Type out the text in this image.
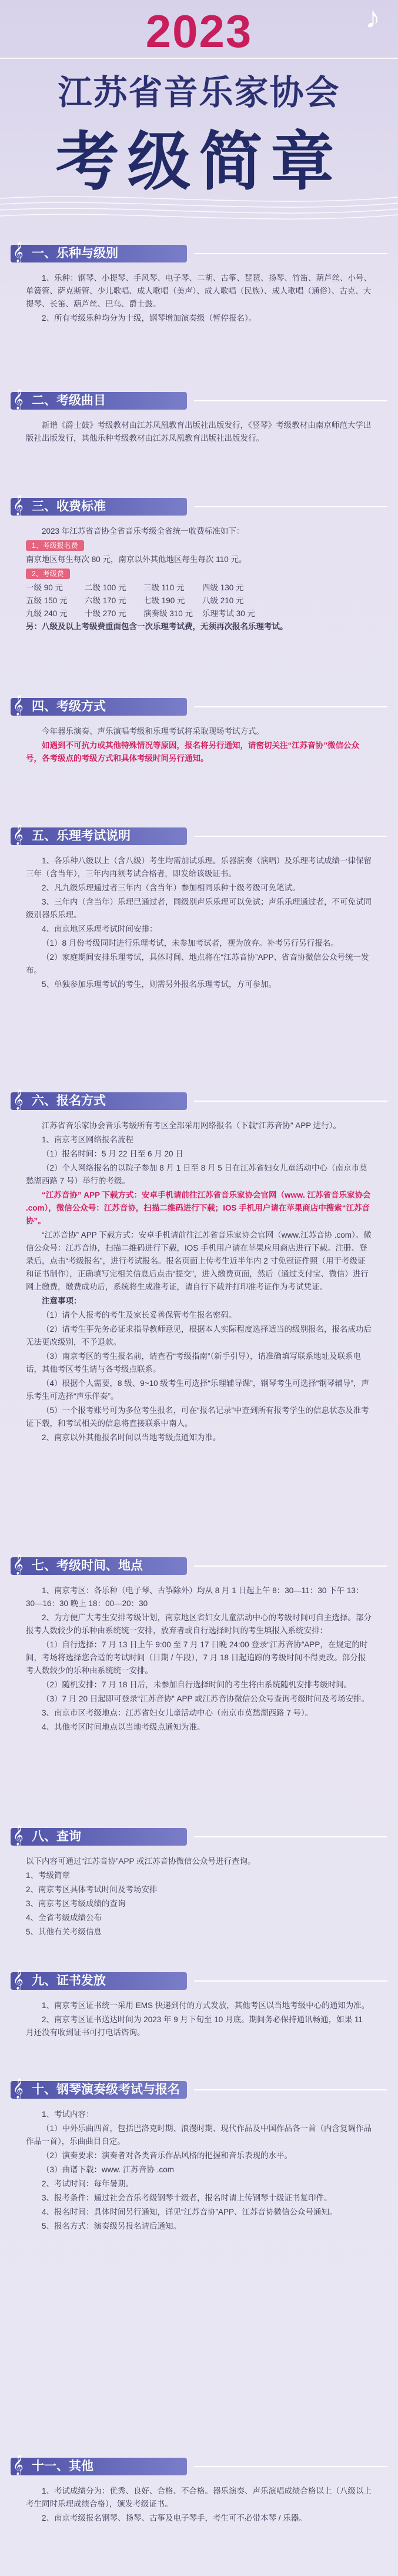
♪
2023
江苏省音乐家协会
考级简章
𝄞 一、乐种与级别

1、乐种：钢琴、小提琴、手风琴、电子琴、二胡、古筝、琵琶、扬琴、竹笛、葫芦丝、小号、单簧管、萨克斯管、少儿歌唱、成人歌唱（美声）、成人歌唱（民族）、成人歌唱（通俗）、古克、大提琴、长笛、葫芦丝、巴乌、爵士鼓。

2、所有考级乐种均分为十级，钢琴增加演奏级（暂停报名）。

𝄞 二、考级曲目

新谱《爵士鼓》考级教材由江苏凤凰教育出版社出版发行，《竖琴》考级教材由南京师范大学出版社出版发行，其他乐种考级教材由江苏凤凰教育出版社出版发行。

𝄞 三、收费标准

2023 年江苏省音协全省音乐考级全省统一收费标准如下：

1、考级报名费

南京地区每生每次 80 元，南京以外其他地区每生每次 110 元。

2、考级费

一级 90 元	二级 100 元	三级 110 元	四级 130 元
五级 150 元	六级 170 元	七级 190 元	八级 210 元
九级 240 元	十级 270 元	演奏级 310 元	乐理考试 30 元

另：八级及以上考级费重面包含一次乐理考试费，无须再次报名乐理考试。

𝄞 四、考级方式

今年器乐演奏、声乐演唱考级和乐理考试将采取现场考试方式。

如遇到不可抗力或其他特殊情况等原因，报名将另行通知，请密切关注“江苏音协”微信公众号，各考级点的考级方式和具体考级时间另行通知。

𝄞 五、乐理考试说明

1、各乐种八级以上（含八级）考生均需加试乐理。乐器演奏（演唱）及乐理考试成绩一律保留三年（含当年），三年内再须考试合格者，即发给该级证书。

2、凡九级乐理通过者三年内（含当年）参加相同乐种十级考级可免笔试。

3、三年内（含当年）乐理已通过者，同级别声乐乐理可以免试；声乐乐理通过者，不可免试同级别器乐乐理。

4、南京地区乐理考试时间安排：

（1）8 月份考级同时进行乐理考试，未参加考试者，视为放弃。补考另行另行报名。

（2）家庭期间安排乐理考试，具体时间、地点将在“江苏音协”APP、省音协微信公众号统一发布。

5、单独参加乐理考试的考生，则需另外报名乐理考试，方可参加。

𝄞 六、报名方式

江苏省音乐家协会音乐考级所有考区全部采用网络报名（下载“江苏音协” APP 进行）。

1、南京考区网络报名流程

（1）报名时间：5 月 22 日至 6 月 20 日

（2）个人网络报名的以院子参加 8 月 1 日至 8 月 5 日在江苏省妇女儿童活动中心（南京市莫愁湖西路 7 号）举行的考级。

“江苏音协” APP 下载方式：安卓手机请前往江苏省音乐家协会官网（www. 江苏省音乐家协会 .com），微信公众号：江苏音协，扫描二维码进行下载；IOS 手机用户请在苹果商店中搜索“江苏音协”。

“江苏音协” APP 下载方式：安卓手机请前往江苏省音乐家协会官网（www.江苏音协 .com）。微信公众号：江苏音协，扫描二维码进行下载，IOS 手机用户请在苹果应用商店进行下载。注册、登录后，点击“考级报名”，进行考试报名。报名页面上传考生近半年内 2 寸免冠证件照（用于考级证和证书制作），正确填写完相关信息后点击“提交”，进入缴费页面，然后（通过支付宝、微信）进行网上缴费，缴费成功后，系统将生成准考证，请自行下载并打印准考证作为考试凭证。

注意事项：

（1）请个人报考的考生及家长妥善保管考生报名密码。

（2）请考生事先务必证求指导教师意见，根据本人实际程度选择适当的级别报名，报名成功后无法更改级别，不予退款。

（3）南京考区的考生报名前，请查看“考级指南”（新手引导），请准确填写联系地址及联系电话，其他考区考生请与各考级点联系。

（4）根据个人需要，8 级、9~10 级考生可选择“乐理辅导课”，钢琴考生可选择“钢琴辅导”，声乐考生可选择“声乐伴奏”。

（5）一个报考账号可为多位考生报名，可在“报名记录”中查到所有报考学生的信息状态及准考证下载，和考试相关的信息将直接联系中南人。

2、南京以外其他报名时间以当地考级点通知为准。

𝄞 七、考级时间、地点

1、南京考区：各乐种（电子琴、古筝除外）均从 8 月 1 日起上午 8：30—11：30 下午 13：30—16：30 晚上 18：00—20：30

2、为方便广大考生安排考级计划，南京地区省妇女儿童活动中心的考级时间可自主选择。部分报考人数较少的乐种由系统统一安排，放弃者或自行选择时间的考生填报入系统安排：

（1）自行选择：7 月 13 日上午 9:00 至 7 月 17 日晚 24:00 登录“江苏音协”APP，在规定的时间，考场将选择您合适的考试时间（日期 / 午段），7 月 18 日起追踪的考级时间不得更改。部分报考人数较少的乐种由系统统一安排。

（2）随机安排：7 月 18 日后，未参加自行选择时间的考生将由系统随机安排考级时间。

（3）7 月 20 日起即可登录“江苏音协” APP 或江苏音协微信公众号查询考级时间及考场安排。

3、南京市区考级地点：江苏省妇女儿童活动中心（南京市莫愁湖西路 7 号）。

4、其他考区时间地点以当地考级点通知为准。

𝄞 八、查询

以下内容可通过“江苏音协”APP 或江苏音协微信公众号进行查询。

1、考级简章

2、南京考区具体考试时间及考场安排

3、南京考区考级成绩的查询

4、全省考级成绩公布

5、其他有关考级信息

𝄞 九、证书发放

1、南京考区证书统一采用 EMS 快递到付的方式发放，其他考区以当地考级中心的通知为准。

2、南京考区证书送达时间为 2023 年 9 月下旬至 10 月底。期间务必保持通讯畅通，如果 11 月还没有收到证书可打电话咨询。

𝄞 十、钢琴演奏级考试与报名

1、考试内容：

（1）中外乐曲四首，包括巴洛克时期、浪漫时期、现代作品及中国作品各一首（内含复调作品作品一首），乐曲曲目自定。

（2）演奏要求：演奏者对各类音乐作品风格的把握和音乐表现的水平。

（3）曲谱下载：www. 江苏音协 .com

2、考试时间：每年暑期。

3、报考条件：通过社会音乐考级钢琴十级者，报名时请上传钢琴十级证书复印件。

4、报名时间：具体时间另行通知，详见“江苏音协”APP、江苏音协微信公众号通知。

5、报名方式：演奏级另报名请后通知。

𝄞 十一、其他

1、考试成绩分为：优秀、良好、合格、不合格。器乐演奏、声乐演唱成绩合格以上（八级以上考生同时乐理成绩合格），颁发考级证书。

2、南京考级报名钢琴、扬琴、古筝及电子琴手，考生可不必带本琴 / 乐器。
